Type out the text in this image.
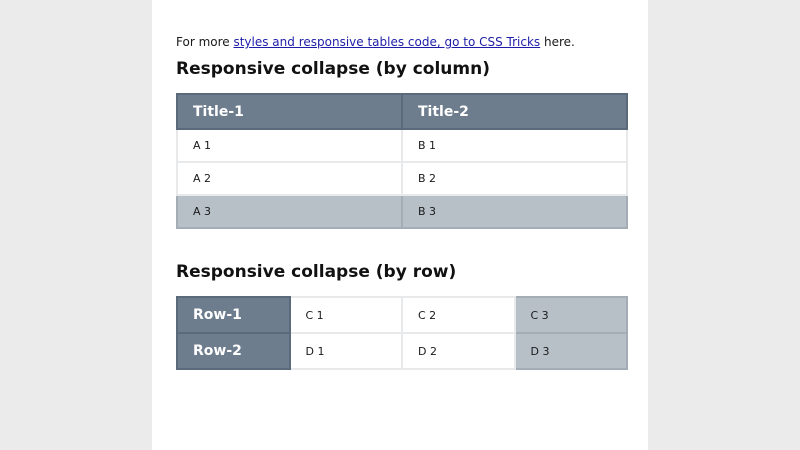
For more styles and responsive tables code, go to CSS Tricks here.

Responsive collapse (by column)
Title-1	Title-2
A 1	B 1
A 2	B 2
A 3	B 3
Responsive collapse (by row)
Row-1	C 1	C 2	C 3
Row-2	D 1	D 2	D 3
